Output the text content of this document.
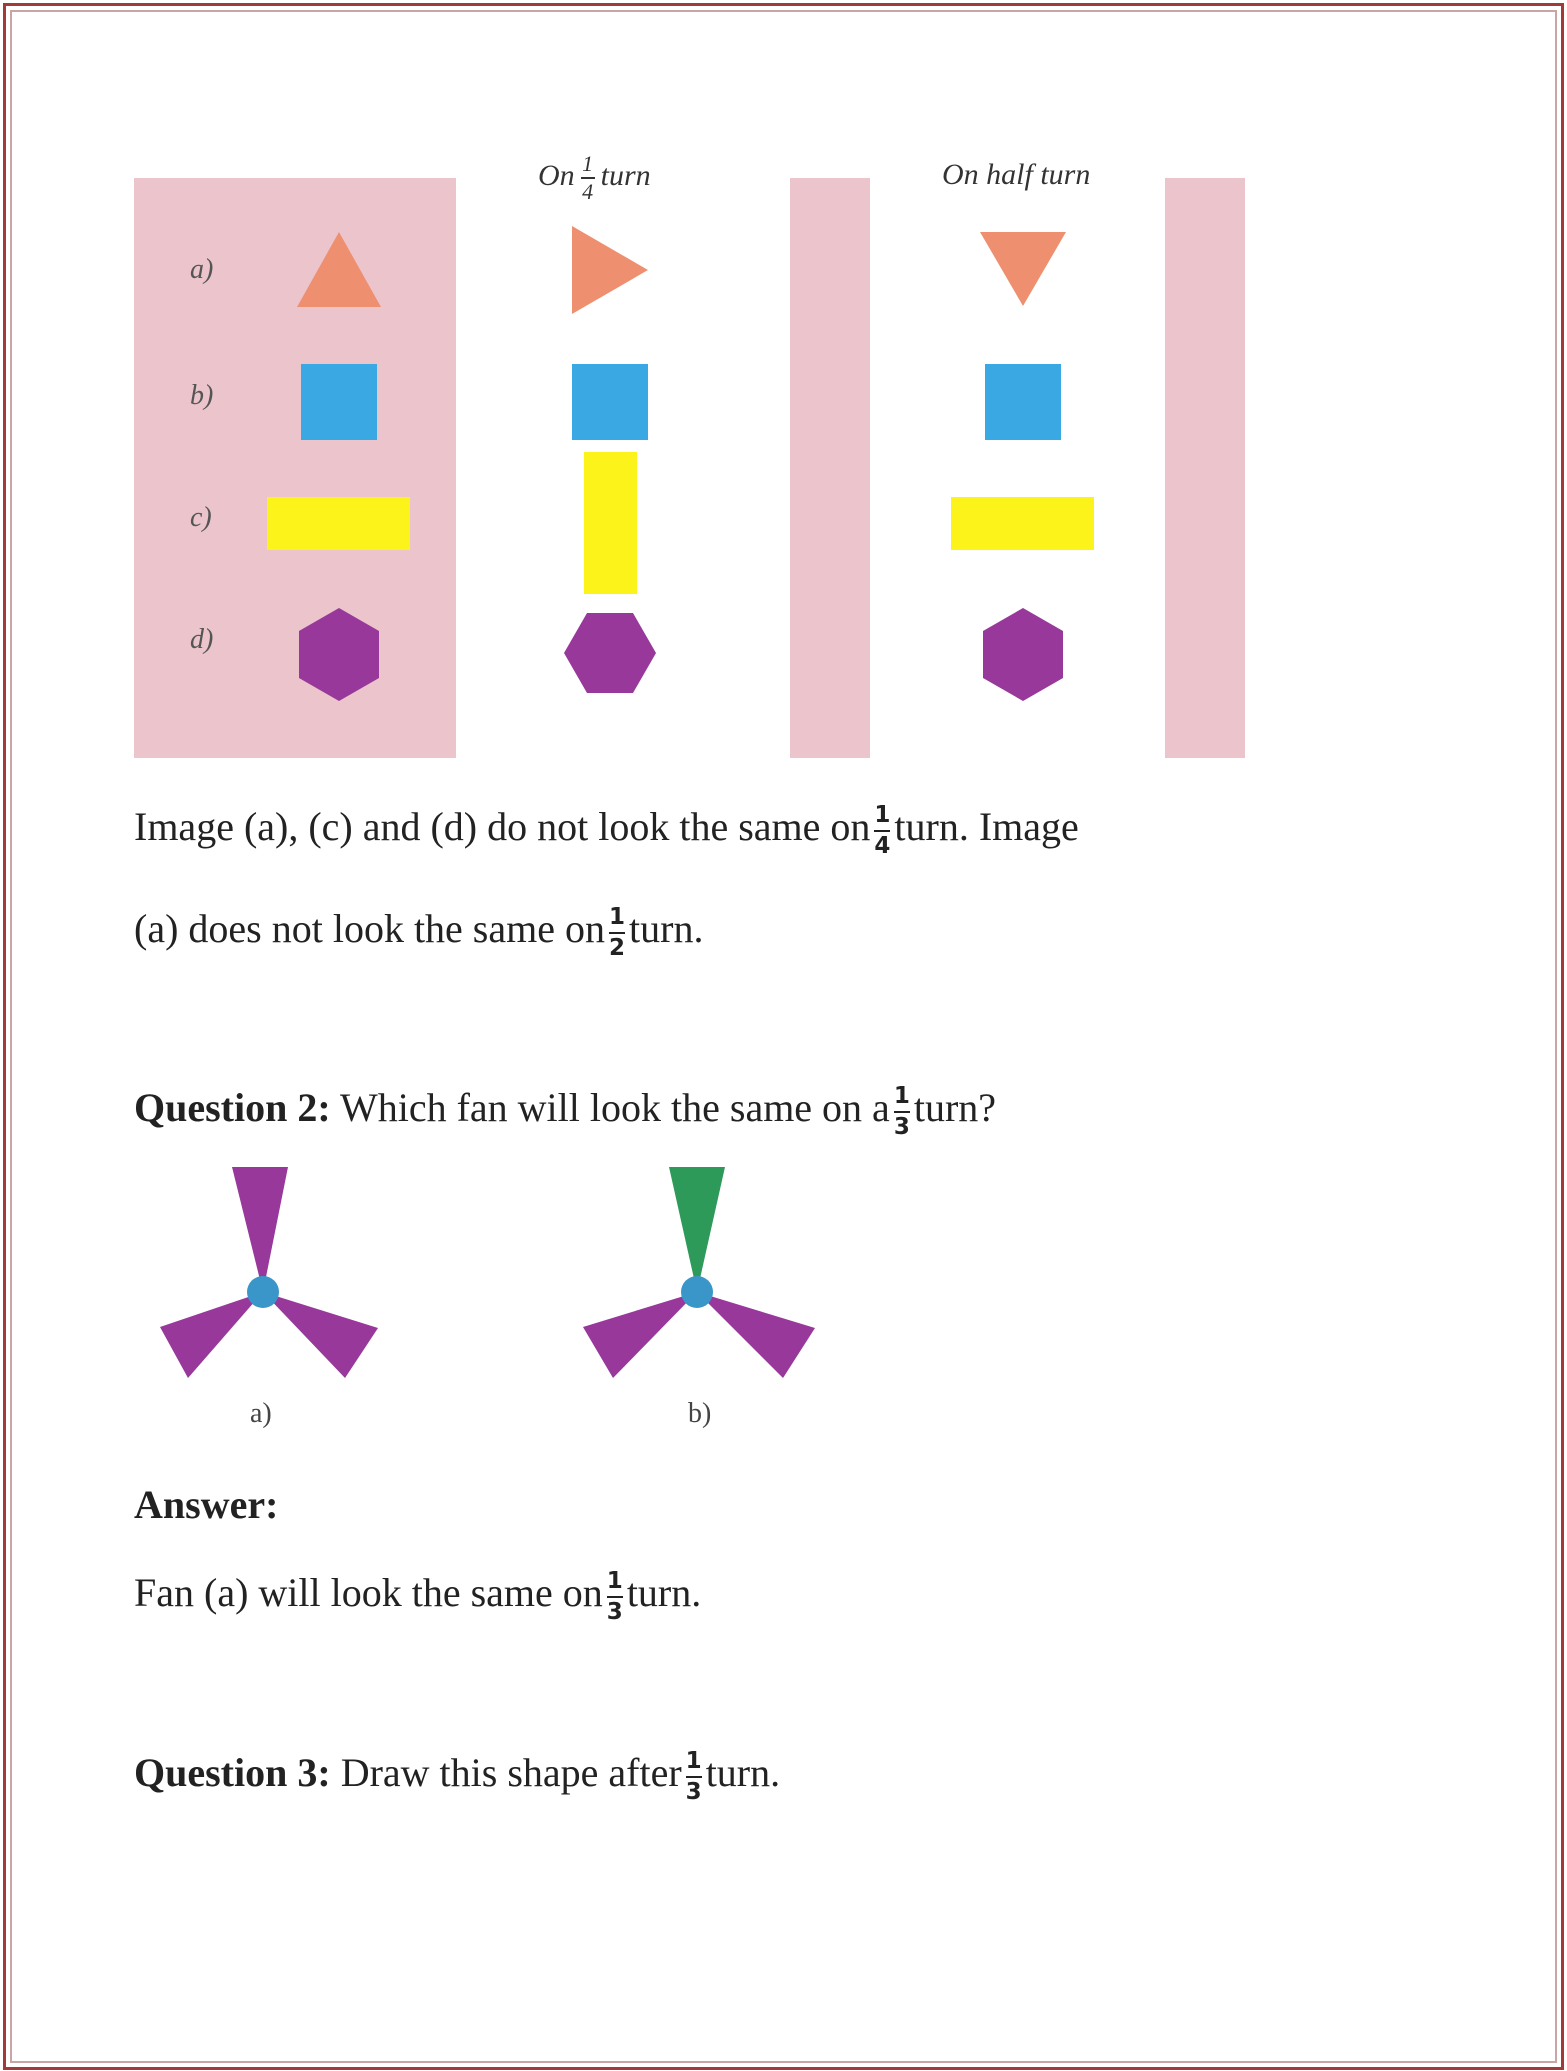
On $\frac{1}{4}$ turn	On half turn
a)
b)
c)
d)
Image (a), (c) and (d) do not look the same on $\frac{1}{4}$ turn. Image
(a) does not look the same on $\frac{1}{2}$ turn.
Question 2: Which fan will look the same on a $\frac{1}{3}$ turn?
a)	b)
Answer:
Fan (a) will look the same on $\frac{1}{3}$ turn.
Question 3: Draw this shape after $\frac{1}{3}$ turn.
